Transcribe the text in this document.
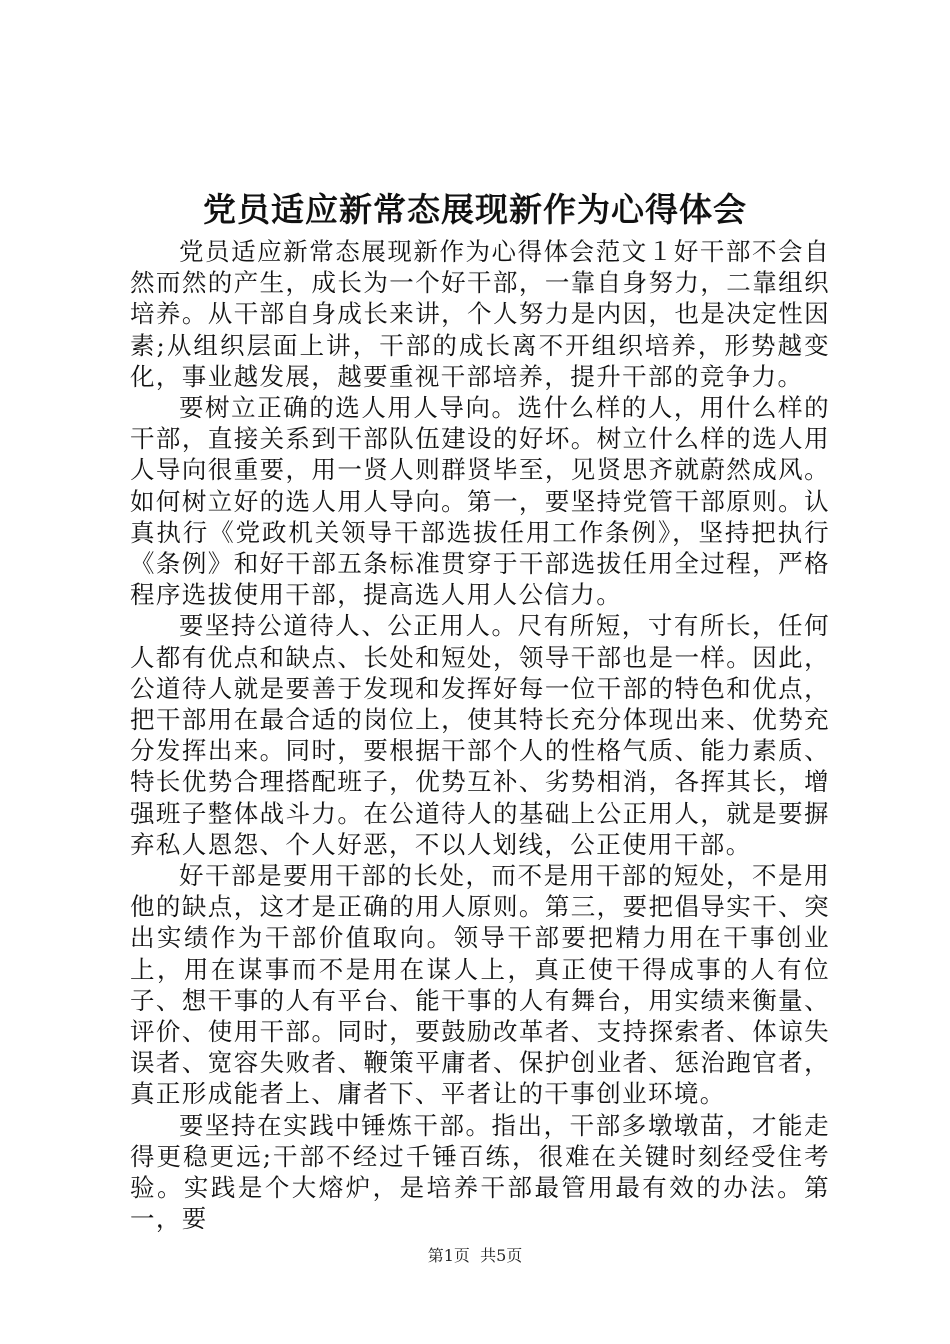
党员适应新常态展现新作为心得体会

党员适应新常态展现新作为心得体会范文１好干部不会自然而然的产生，成长为一个好干部，一靠自身努力，二靠组织培养。从干部自身成长来讲，个人努力是内因，也是决定性因素;从组织层面上讲，干部的成长离不开组织培养，形势越变化，事业越发展，越要重视干部培养，提升干部的竞争力。

要树立正确的选人用人导向。选什么样的人，用什么样的干部，直接关系到干部队伍建设的好坏。树立什么样的选人用人导向很重要，用一贤人则群贤毕至，见贤思齐就蔚然成风。如何树立好的选人用人导向。第一，要坚持党管干部原则。认真执行《党政机关领导干部选拔任用工作条例》，坚持把执行《条例》和好干部五条标准贯穿于干部选拔任用全过程，严格程序选拔使用干部，提高选人用人公信力。

要坚持公道待人、公正用人。尺有所短，寸有所长，任何人都有优点和缺点、长处和短处，领导干部也是一样。因此，公道待人就是要善于发现和发挥好每一位干部的特色和优点，把干部用在最合适的岗位上，使其特长充分体现出来、优势充分发挥出来。同时，要根据干部个人的性格气质、能力素质、特长优势合理搭配班子，优势互补、劣势相消，各挥其长，增强班子整体战斗力。在公道待人的基础上公正用人，就是要摒弃私人恩怨、个人好恶，不以人划线，公正使用干部。

好干部是要用干部的长处，而不是用干部的短处，不是用他的缺点，这才是正确的用人原则。第三，要把倡导实干、突出实绩作为干部价值取向。领导干部要把精力用在干事创业上，用在谋事而不是用在谋人上，真正使干得成事的人有位子、想干事的人有平台、能干事的人有舞台，用实绩来衡量、评价、使用干部。同时，要鼓励改革者、支持探索者、体谅失误者、宽容失败者、鞭策平庸者、保护创业者、惩治跑官者，真正形成能者上、庸者下、平者让的干事创业环境。

要坚持在实践中锤炼干部。指出，干部多墩墩苗，才能走得更稳更远;干部不经过千锤百练，很难在关键时刻经受住考验。实践是个大熔炉，是培养干部最管用最有效的办法。第一，要

第1页  共5页
